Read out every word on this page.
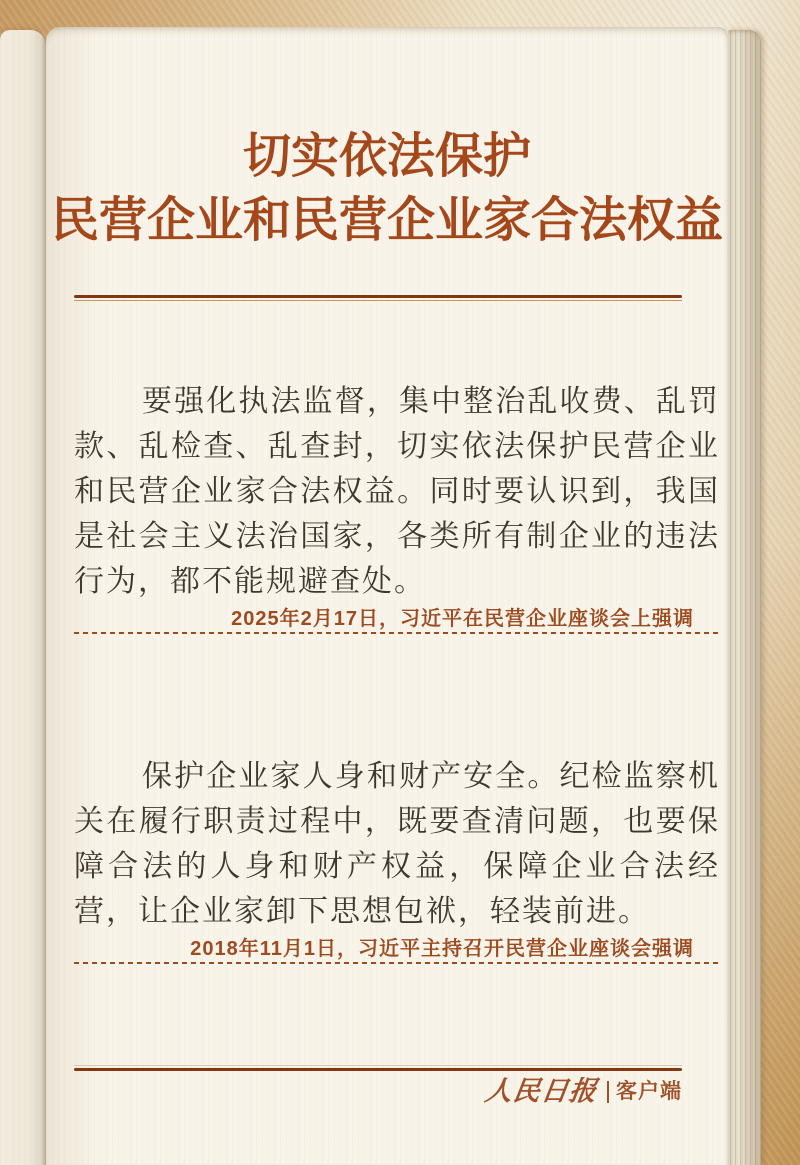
切实依法保护
民营企业和民营企业家合法权益
要强化执法监督，集中整治乱收费、乱罚款、乱检查、乱查封，切实依法保护民营企业和民营企业家合法权益。同时要认识到，我国是社会主义法治国家，各类所有制企业的违法行为，都不能规避查处。
2025年2月17日，习近平在民营企业座谈会上强调
保护企业家人身和财产安全。纪检监察机关在履行职责过程中，既要查清问题，也要保障合法的人身和财产权益，保障企业合法经营，让企业家卸下思想包袱，轻装前进。
2018年11月1日，习近平主持召开民营企业座谈会强调
人民日报 客户端
